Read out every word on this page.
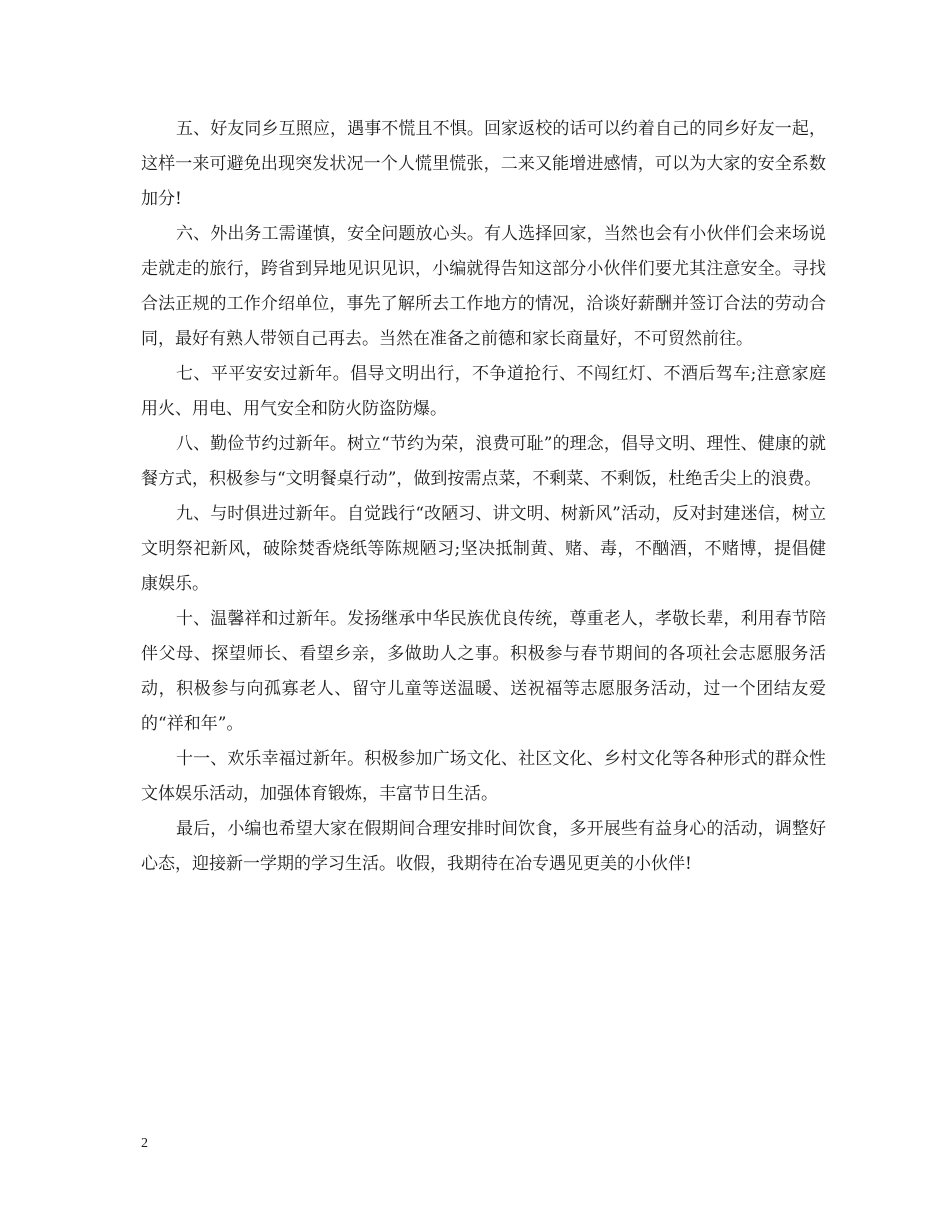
五、好友同乡互照应，遇事不慌且不惧。回家返校的话可以约着自己的同乡好友一起，这样一来可避免出现突发状况一个人慌里慌张，二来又能增进感情，可以为大家的安全系数加分!

六、外出务工需谨慎，安全问题放心头。有人选择回家，当然也会有小伙伴们会来场说走就走的旅行，跨省到异地见识见识，小编就得告知这部分小伙伴们要尤其注意安全。寻找合法正规的工作介绍单位，事先了解所去工作地方的情况，洽谈好薪酬并签订合法的劳动合同，最好有熟人带领自己再去。当然在准备之前德和家长商量好，不可贸然前往。

七、平平安安过新年。倡导文明出行，不争道抢行、不闯红灯、不酒后驾车;注意家庭用火、用电、用气安全和防火防盗防爆。

八、勤俭节约过新年。树立“节约为荣，浪费可耻”的理念，倡导文明、理性、健康的就餐方式，积极参与“文明餐桌行动”，做到按需点菜，不剩菜、不剩饭，杜绝舌尖上的浪费。

九、与时俱进过新年。自觉践行“改陋习、讲文明、树新风”活动，反对封建迷信，树立文明祭祀新风，破除焚香烧纸等陈规陋习;坚决抵制黄、赌、毒，不酗酒，不赌博，提倡健康娱乐。

十、温馨祥和过新年。发扬继承中华民族优良传统，尊重老人，孝敬长辈，利用春节陪伴父母、探望师长、看望乡亲，多做助人之事。积极参与春节期间的各项社会志愿服务活动，积极参与向孤寡老人、留守儿童等送温暖、送祝福等志愿服务活动，过一个团结友爱的“祥和年”。

十一、欢乐幸福过新年。积极参加广场文化、社区文化、乡村文化等各种形式的群众性文体娱乐活动，加强体育锻炼，丰富节日生活。

最后，小编也希望大家在假期间合理安排时间饮食，多开展些有益身心的活动，调整好心态，迎接新一学期的学习生活。收假，我期待在冶专遇见更美的小伙伴!

2
